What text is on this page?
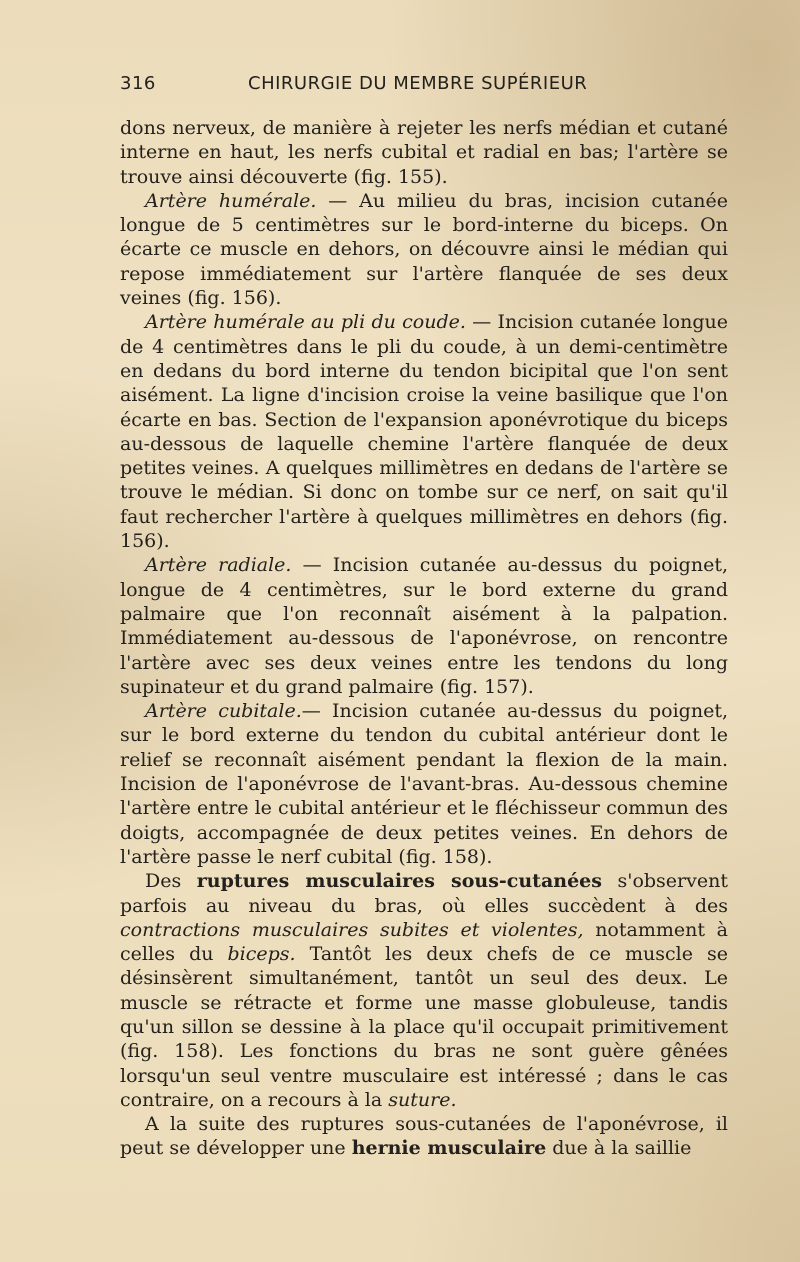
316	CHIRURGIE DU MEMBRE SUPÉRIEUR

dons nerveux, de manière à rejeter les nerfs médian et cutané interne en haut, les nerfs cubital et radial en bas; l'artère se trouve ainsi découverte (fig. 155).

Artère humérale. — Au milieu du bras, incision cutanée longue de 5 centimètres sur le bord-interne du biceps. On écarte ce muscle en dehors, on découvre ainsi le médian qui repose immédiatement sur l'artère flanquée de ses deux veines (fig. 156).

Artère humérale au pli du coude. — Incision cutanée longue de 4 centimètres dans le pli du coude, à un demi-centimètre en dedans du bord interne du tendon bicipital que l'on sent aisément. La ligne d'incision croise la veine basilique que l'on écarte en bas. Section de l'expansion aponévrotique du biceps au-dessous de laquelle chemine l'artère flanquée de deux petites veines. A quelques millimètres en dedans de l'artère se trouve le médian. Si donc on tombe sur ce nerf, on sait qu'il faut rechercher l'artère à quelques millimètres en dehors (fig. 156).

Artère radiale. — Incision cutanée au-dessus du poignet, longue de 4 centimètres, sur le bord externe du grand palmaire que l'on reconnaît aisément à la palpation. Immédiatement au-dessous de l'aponévrose, on rencontre l'artère avec ses deux veines entre les tendons du long supinateur et du grand palmaire (fig. 157).

Artère cubitale.— Incision cutanée au-dessus du poignet, sur le bord externe du tendon du cubital antérieur dont le relief se reconnaît aisément pendant la flexion de la main. Incision de l'aponévrose de l'avant-bras. Au-dessous chemine l'artère entre le cubital antérieur et le fléchisseur commun des doigts, accompagnée de deux petites veines. En dehors de l'artère passe le nerf cubital (fig. 158).

Des ruptures musculaires sous-cutanées s'observent parfois au niveau du bras, où elles succèdent à des contractions musculaires subites et violentes, notamment à celles du biceps. Tantôt les deux chefs de ce muscle se désinsèrent simultanément, tantôt un seul des deux. Le muscle se rétracte et forme une masse globuleuse, tandis qu'un sillon se dessine à la place qu'il occupait primitivement (fig. 158). Les fonctions du bras ne sont guère gênées lorsqu'un seul ventre musculaire est intéressé ; dans le cas contraire, on a recours à la suture.

A la suite des ruptures sous-cutanées de l'aponévrose, il peut se développer une hernie musculaire due à la saillie
